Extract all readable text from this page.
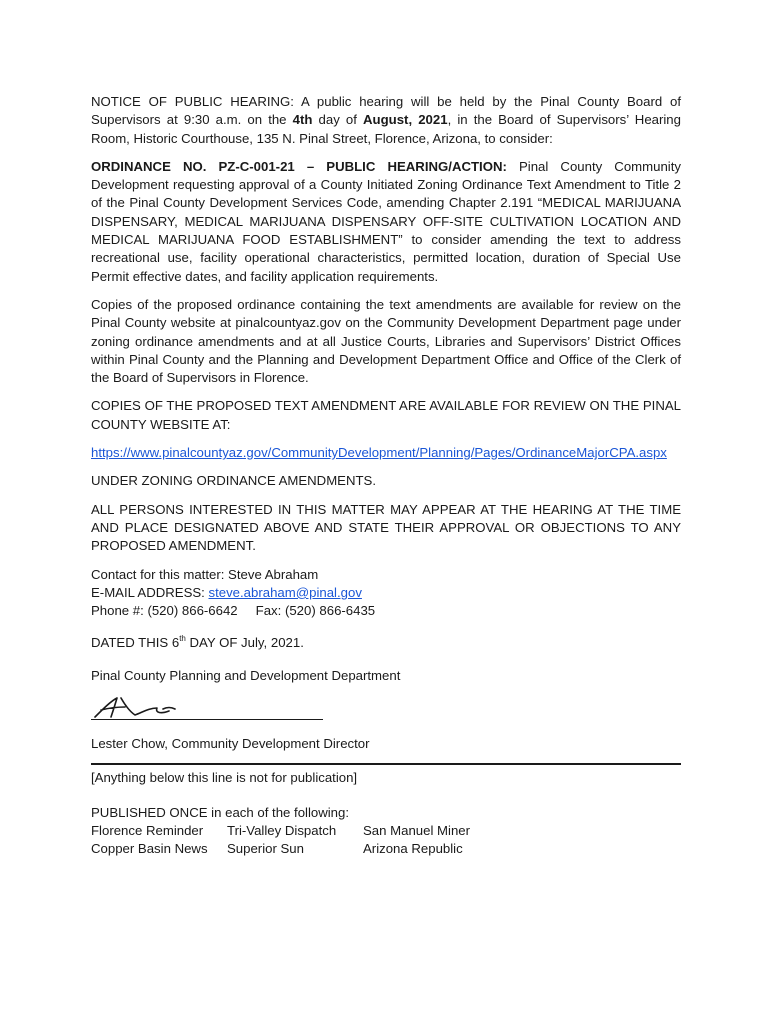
NOTICE OF PUBLIC HEARING: A public hearing will be held by the Pinal County Board of Supervisors at 9:30 a.m. on the 4th day of August, 2021, in the Board of Supervisors’ Hearing Room, Historic Courthouse, 135 N. Pinal Street, Florence, Arizona, to consider:

ORDINANCE NO. PZ-C-001-21 – PUBLIC HEARING/ACTION: Pinal County Community Development requesting approval of a County Initiated Zoning Ordinance Text Amendment to Title 2 of the Pinal County Development Services Code, amending Chapter 2.191 “MEDICAL MARIJUANA DISPENSARY, MEDICAL MARIJUANA DISPENSARY OFF-SITE CULTIVATION LOCATION AND MEDICAL MARIJUANA FOOD ESTABLISHMENT” to consider amending the text to address recreational use, facility operational characteristics, permitted location, duration of Special Use Permit effective dates, and facility application requirements.

Copies of the proposed ordinance containing the text amendments are available for review on the Pinal County website at pinalcountyaz.gov on the Community Development Department page under zoning ordinance amendments and at all Justice Courts, Libraries and Supervisors’ District Offices within Pinal County and the Planning and Development Department Office and Office of the Clerk of the Board of Supervisors in Florence.

COPIES OF THE PROPOSED TEXT AMENDMENT ARE AVAILABLE FOR REVIEW ON THE PINAL COUNTY WEBSITE AT:

https://www.pinalcountyaz.gov/CommunityDevelopment/Planning/Pages/OrdinanceMajorCPA.aspx

UNDER ZONING ORDINANCE AMENDMENTS.

ALL PERSONS INTERESTED IN THIS MATTER MAY APPEAR AT THE HEARING AT THE TIME AND PLACE DESIGNATED ABOVE AND STATE THEIR APPROVAL OR OBJECTIONS TO ANY PROPOSED AMENDMENT.

Contact for this matter: Steve Abraham
E-MAIL ADDRESS: steve.abraham@pinal.gov
Phone #: (520) 866-6642 Fax: (520) 866-6435

DATED THIS 6th DAY OF July, 2021.

Pinal County Planning and Development Department

Lester Chow, Community Development Director

[Anything below this line is not for publication]

PUBLISHED ONCE in each of the following:
Florence Reminder	Tri-Valley Dispatch	San Manuel Miner
Copper Basin News	Superior Sun	Arizona Republic
